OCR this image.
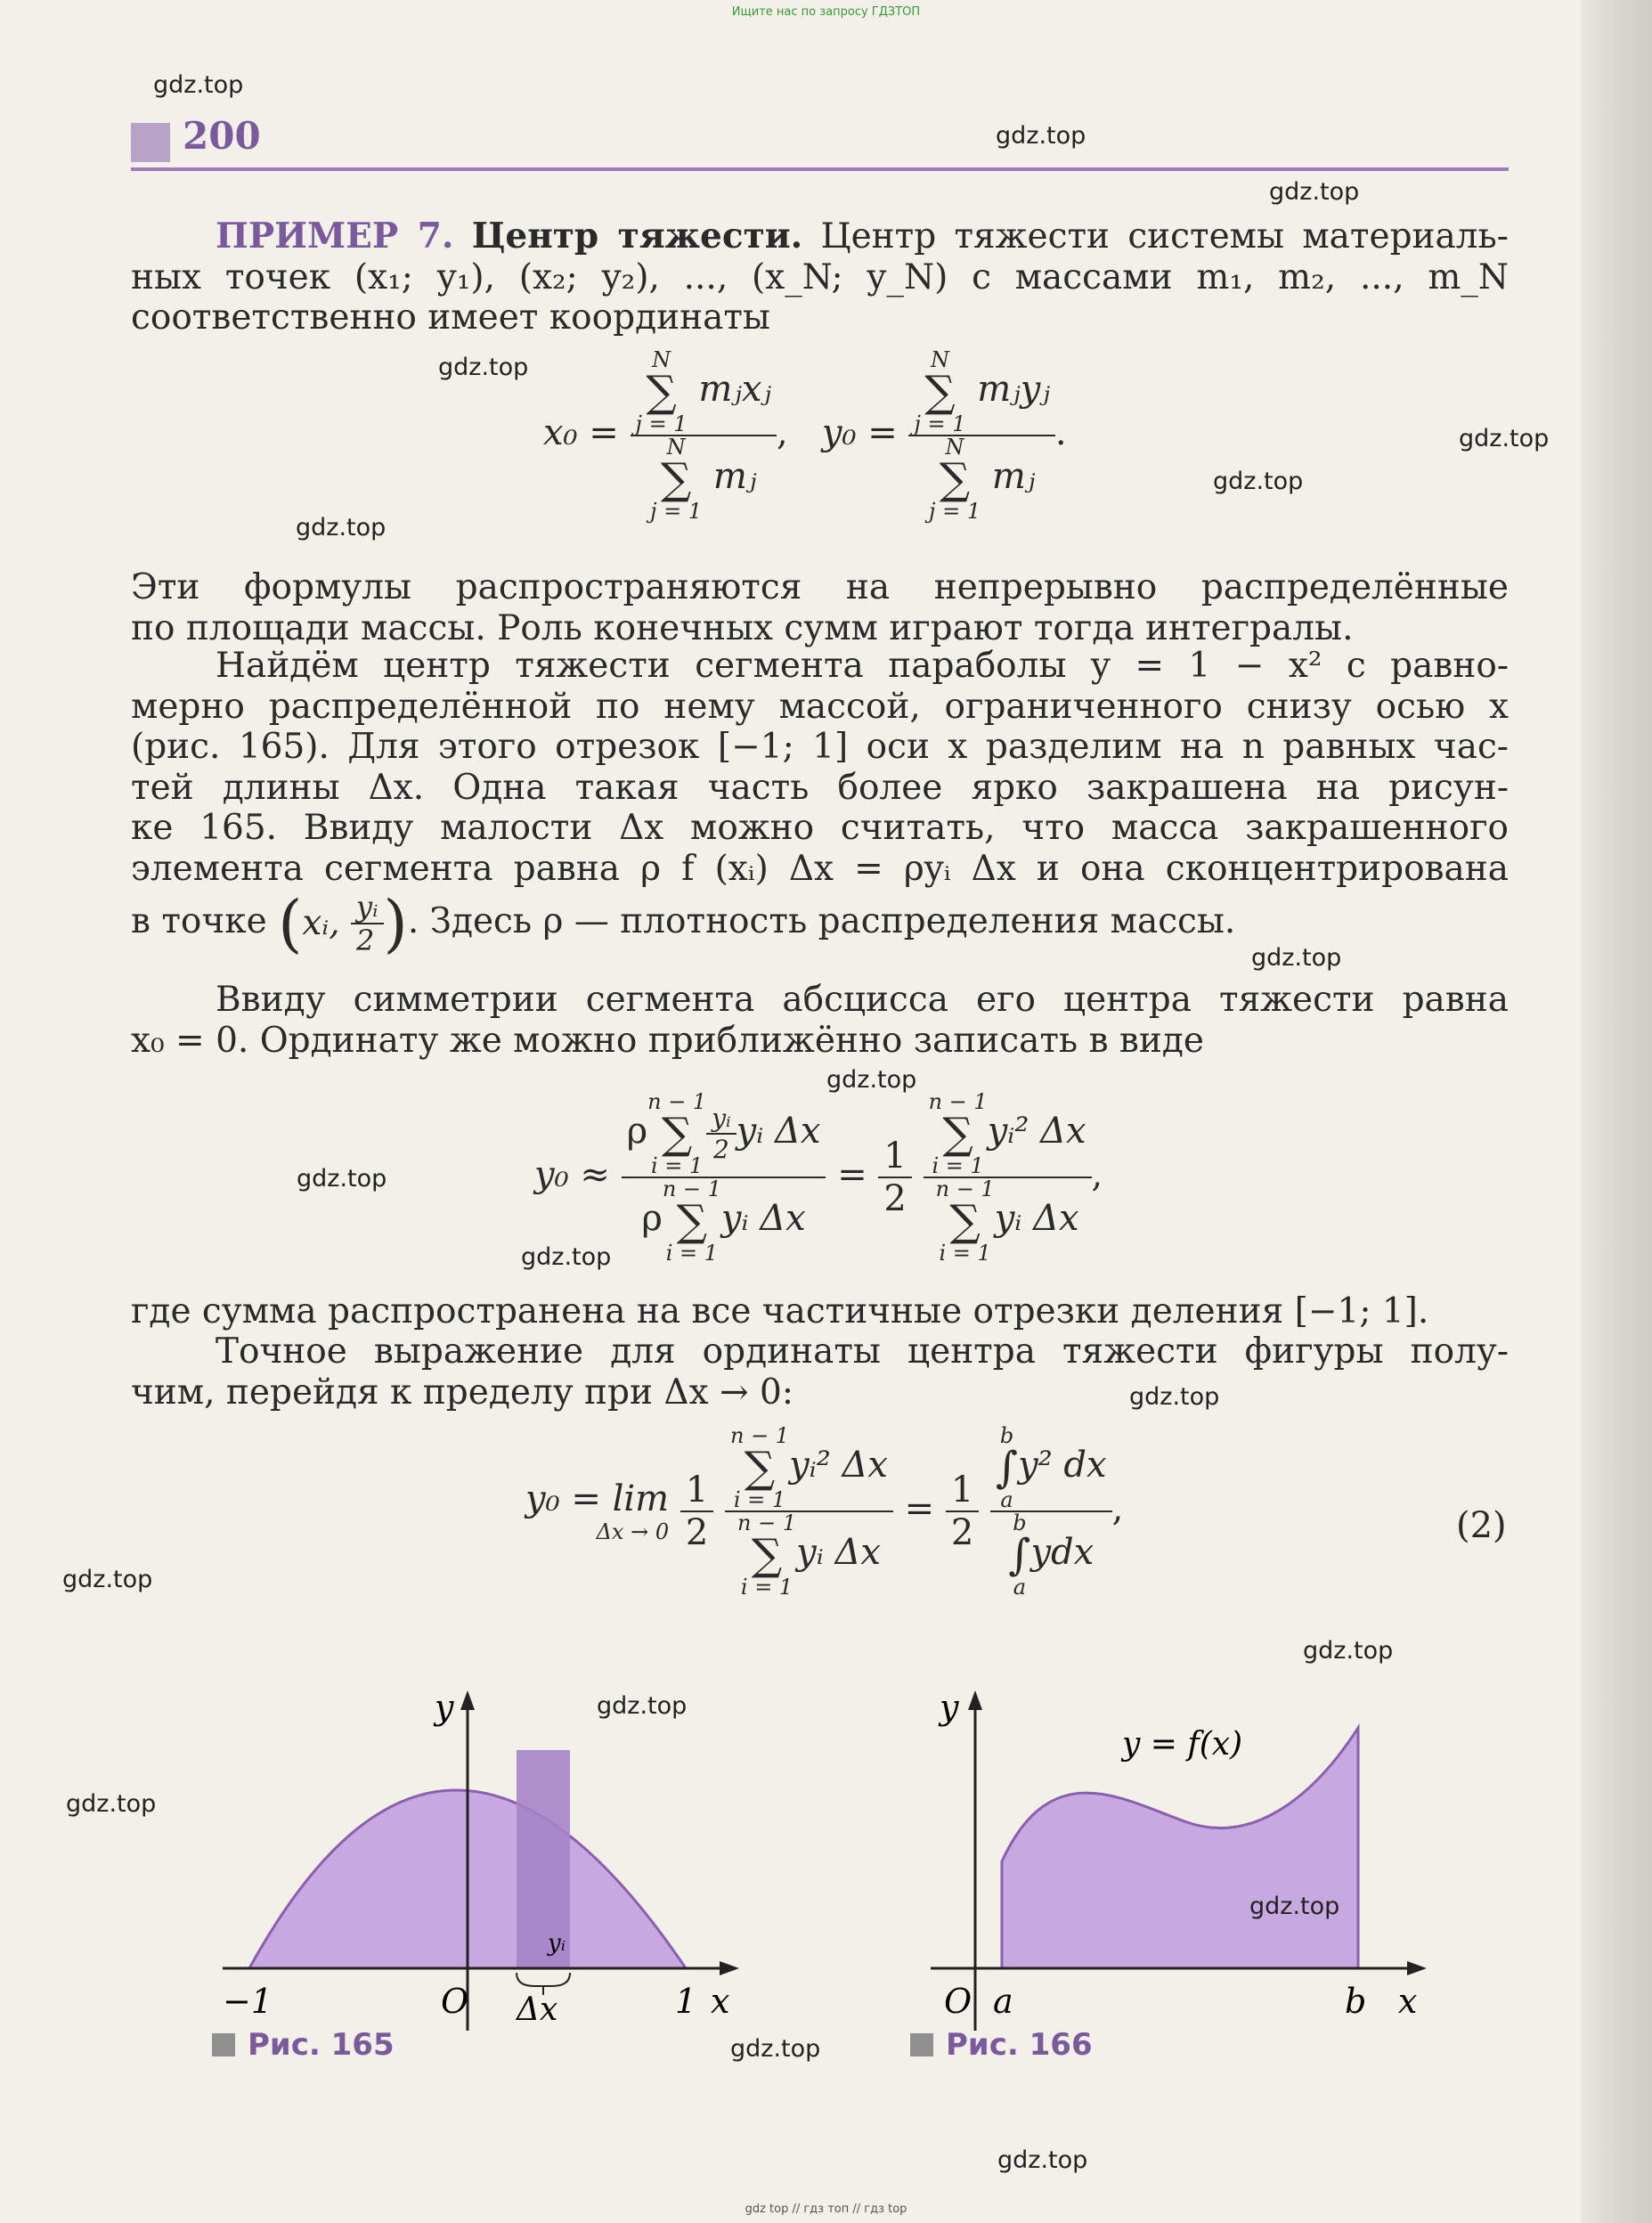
Ищите нас по запросу ГДЗТОП
200
ПРИМЕР 7. Центр тяжести. Центр тяжести системы материаль-
ных точек (x₁; y₁), (x₂; y₂), ..., (x_N; y_N) с массами m₁, m₂, ..., m_N
соответственно имеет координаты
x₀ = N
∑
j = 1
mⱼxⱼ
N
∑
j = 1
mⱼ , y₀ = N
∑
j = 1
mⱼyⱼ
N
∑
j = 1
mⱼ .
Эти формулы распространяются на непрерывно распределённые
по площади массы. Роль конечных сумм играют тогда интегралы.
Найдём центр тяжести сегмента параболы y = 1 − x² с равно-
мерно распределённой по нему массой, ограниченного снизу осью x
(рис. 165). Для этого отрезок [−1; 1] оси x разделим на n равных час-
тей длины Δx. Одна такая часть более ярко закрашена на рисун-
ке 165. Ввиду малости Δx можно считать, что масса закрашенного
элемента сегмента равна ρ f (xᵢ) Δx = ρyᵢ Δx и она сконцентрирована
в точке (xᵢ, $\frac{\text{yᵢ}}{2}$ ). Здесь ρ — плотность распределения массы.
Ввиду симметрии сегмента абсцисса его центра тяжести равна
x₀ = 0. Ординату же можно приближённо записать в виде
y₀ ≈ ρ
n − 1
∑
i = 1
$\frac{\text{yᵢ}}{2}$ yᵢ Δx
ρ
n − 1
∑
i = 1
yᵢ $\Delta x = \frac{1}{2}$
n − 1
∑
i = 1
yᵢ² Δx
n − 1
∑
i = 1
yᵢ Δx ,
где сумма распространена на все частичные отрезки деления [−1; 1].
Точное выражение для ординаты центра тяжести фигуры полу-
чим, перейдя к пределу при Δx → 0:
y₀ = lim
Δx → 0
$\frac{1}{2}$
n − 1
∑
i = 1
yᵢ² Δx
n − 1
∑
i = 1
yᵢ $\Delta x = \frac{1}{2}$
b
∫
a
y² dx
b
∫
a
ydx ,	(2)
y
x
O
−1	1
Δx
yᵢ
Рис. 165
y
x
O a	b
y = f(x)
Рис. 166
gdz.top
gdz.top
gdz.top
gdz.top
gdz.top
gdz.top
gdz.top
gdz.top
gdz.top
gdz.top
gdz.top
gdz.top
gdz.top
gdz.top
gdz.top
gdz.top
gdz.top
gdz.top
gdz.top
gdz top // гдз топ // гдз top
